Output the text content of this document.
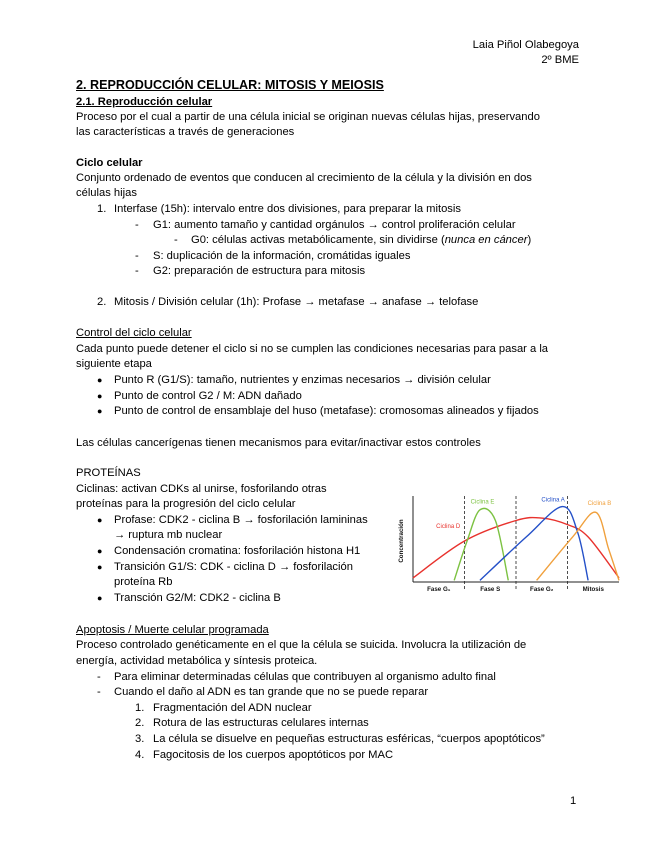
Laia Piñol Olabegoya
2º BME
2. REPRODUCCIÓN CELULAR: MITOSIS Y MEIOSIS
2.1. Reproducción celular
Proceso por el cual a partir de una célula inicial se originan nuevas células hijas, preservando
las características a través de generaciones
Ciclo celular
Conjunto ordenado de eventos que conducen al crecimiento de la célula y la división en dos
células hijas
1. Interfase (15h): intervalo entre dos divisiones, para preparar la mitosis
- G1: aumento tamaño y cantidad orgánulos → control proliferación celular
- G0: células activas metabólicamente, sin dividirse (nunca en cáncer)
- S: duplicación de la información, cromátidas iguales
- G2: preparación de estructura para mitosis
2. Mitosis / División celular (1h): Profase → metafase → anafase → telofase
Control del ciclo celular
Cada punto puede detener el ciclo si no se cumplen las condiciones necesarias para pasar a la
siguiente etapa
● Punto R (G1/S): tamaño, nutrientes y enzimas necesarios → división celular
● Punto de control G2 / M: ADN dañado
● Punto de control de ensamblaje del huso (metafase): cromosomas alineados y fijados
Las células cancerígenas tienen mecanismos para evitar/inactivar estos controles
PROTEÍNAS
Ciclinas: activan CDKs al unirse, fosforilando otras
proteínas para la progresión del ciclo celular
● Profase: CDK2 - ciclina B → fosforilación lamininas
→ ruptura mb nuclear
● Condensación cromatina: fosforilación histona H1
● Transición G1/S: CDK - ciclina D → fosforilación
proteína Rb
● Transción G2/M: CDK2 - ciclina B
Ciclina D
Ciclina E	Ciclina A
Ciclina B
Fase G₁	Fase S	Fase G₂	Mitosis
Concentración
Apoptosis / Muerte celular programada
Proceso controlado genéticamente en el que la célula se suicida. Involucra la utilización de
energía, actividad metabólica y síntesis proteica.
- Para eliminar determinadas células que contribuyen al organismo adulto final
- Cuando el daño al ADN es tan grande que no se puede reparar
1. Fragmentación del ADN nuclear
2. Rotura de las estructuras celulares internas
3. La célula se disuelve en pequeñas estructuras esféricas, “cuerpos apoptóticos”
4. Fagocitosis de los cuerpos apoptóticos por MAC
1
